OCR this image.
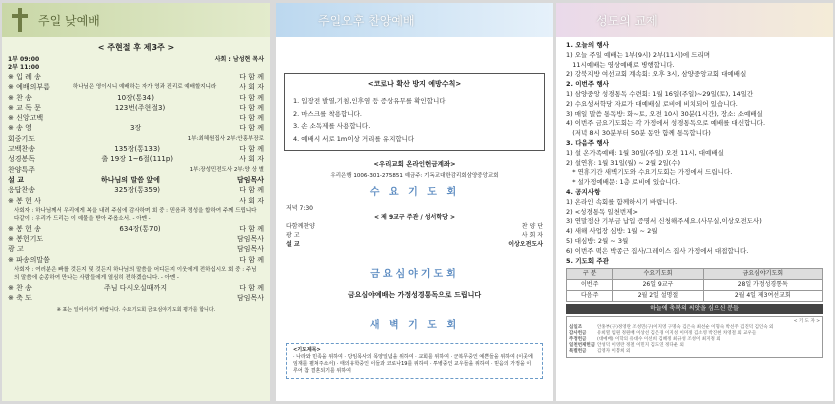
주일 낮예배
< 주현절 후 제3주 >
1부 09:00	사회 : 남성현 목사
2부 11:00
※ 입 례 송	다 함 께
※ 예배의부름	하나님은 영이시니 예배하는 자가 영과 진리로 예배할지니라	사 회 자
※ 찬 송	10장(통34)	다 함 께
※ 교 독 문	123번(주현절3)	다 함 께
※ 신앙고백	다 함 께
※ 송 영	3장	다 함 께
회중기도	1부:최혜원집사 2부:안홍부장로
고백찬송	135장(통133)	다 함 께
성경봉독	출 19장 1~6절(111p)	사 회 자
찬양특주	1부:장성민전도사 2부:양 상 별
설 교	하나님의 말씀 앞에	담임목사
응답찬송	325장(통359)	다 함 께
※ 봉 헌 사	사 회 자
사회자 : 하나님께서 우리에게 복을 내려 주심에 감사하며 회 중 : 믿음과 정성을 합하여 주께 드립니다 다같이 : 우리가 드리는 이 예물을 받아 주옵소서. - 아멘 -
※ 봉 헌 송	634장(통70)	다 함 께
※ 봉헌기도	담임목사
광 고	담임목사
※ 파송의말씀	다 함 께
사회자 : 여러분은 빠를 것든지 및 것든지 하나님의 말씀을 어디든지 이웃에게 전하십시오 회 중 : 주님의 말씀에 순종하여 만나는 사람들에게 열심히 전하겠습니다. - 아멘 -
※ 찬 송	주님 다시오실때까지	다 함 께
※ 축 도	담임목사
※ 표는 일어서서기 바랍니다. 수요기도회 금요심야기도회 평가를 합니다.
주일오후 찬양예배
<코로나 확산 방지 예방수칙>
1. 입장전 발열,기침,인후염 등 증상유무를 확인합니다
2. 마스크를 착용합니다.
3. 손 소독제를 사용합니다.
4. 예배시 서로 1m이상 거리를 유지합니다
<우리교회 온라인헌금계좌>
우리은행 1006-301-275851 예금주: 기독교대한감리회삼양중앙교회
수 요 기 도 회
저녁 7:30
< 제 9교구 주관 / 성서학당 >
다함께찬양	찬 양 단
광 고	사 회 자
설 교	이상오전도사
금요심야기도회
금요심야예배는 가정성경통독으로 드립니다
새 벽 기 도 회
<기도제목>
· 나라와 민족을 위하여 · 당임목사의 목양일념을 위하여 · 교회를 위하여 · 군복무중인 예쁜들을 위하여 (이곳에 임재를 펼쳐주소서) · 태의유학중인 이들과 코로나19를 위하여 · 투병중인 교우들을 위하여 · 믿음의 가정을 이루어 참 결혼되기를 위하여
성도의 교제
1. 오늘의 행사
1) 오늘 주일 예배는 1부(9시) 2부(11시)에 드리며
11시예배는 영상예배로 병행합니다.
2) 강북지방 여선교회 계속회: 오후 3시, 삼양중앙교회 대예배실
2. 이번주 행사
1) 삼양중앙 성경통독 수련회: 1월 16일(주일)~29일(토), 14일간
2) 수요성서학당 자료가 대예배실 로비에 비치되어 있습니다.
3) 매일 말씀 통독방: 화~토, 오전 10시 30분(1시간), 장소: 소예배실
4) 이번주 금요기도회는 각 가정에서 성경통독으로 예배를 대신합니다.
(저녁 8시 30분부터 50분 동안 함께 통독합니다)
3. 다음주 행사
1) 설 온가족예배: 1월 30일(주일) 오전 11시, 대예배실
2) 설연휴: 1월 31일(월) ~ 2월 2일(수)
* 연휴기간 새벽기도와 수요기도회는 가정에서 드립니다.
* 설가정예배문: 1층 로비에 있습니다.
4. 공지사항
1) 온라인 속회를 함께하시기 바랍니다.
2) <성경통독 일천번제>
3) 연말정산 기부금 납입 증명서 신청해주세요.(사무실,이상오전도사)
4) 새해 사업장 심방: 1월 ~ 2월
5) 대심방: 2월 ~ 3월
6) 이번주 떡은 박종근 집사/그레이스 집사 가정에서 대접합니다.
5. 기도회 주관
구 분	수요기도회	금요심야기도회
이번주	26일 9교구	28일 가정성경통독
다음주	2월 2일 설명절	2월 4일 제3여선교회
하늘에 축복의 씨앗을 심으신 분들
< 기 도 자 >
십일조	안홍부(구)정영란 조성민(구)이지영 구명숙 김은숙 최선순 이형숙 박선주 김진덕 김인숙 외
감사헌금 유희열 임원 정원배 이상선 김은경 이지성 이미정 김소영 박진현 차영철 외 교우들
주정헌금 (대예배) 이학의 유대수 이선희 김혜정 최규성 조성이 최지정 외
일천번제헌금 안성덕 이영란 정철 이민지 김도연 정다운 외
특별헌금 김영자 이봉희 외
